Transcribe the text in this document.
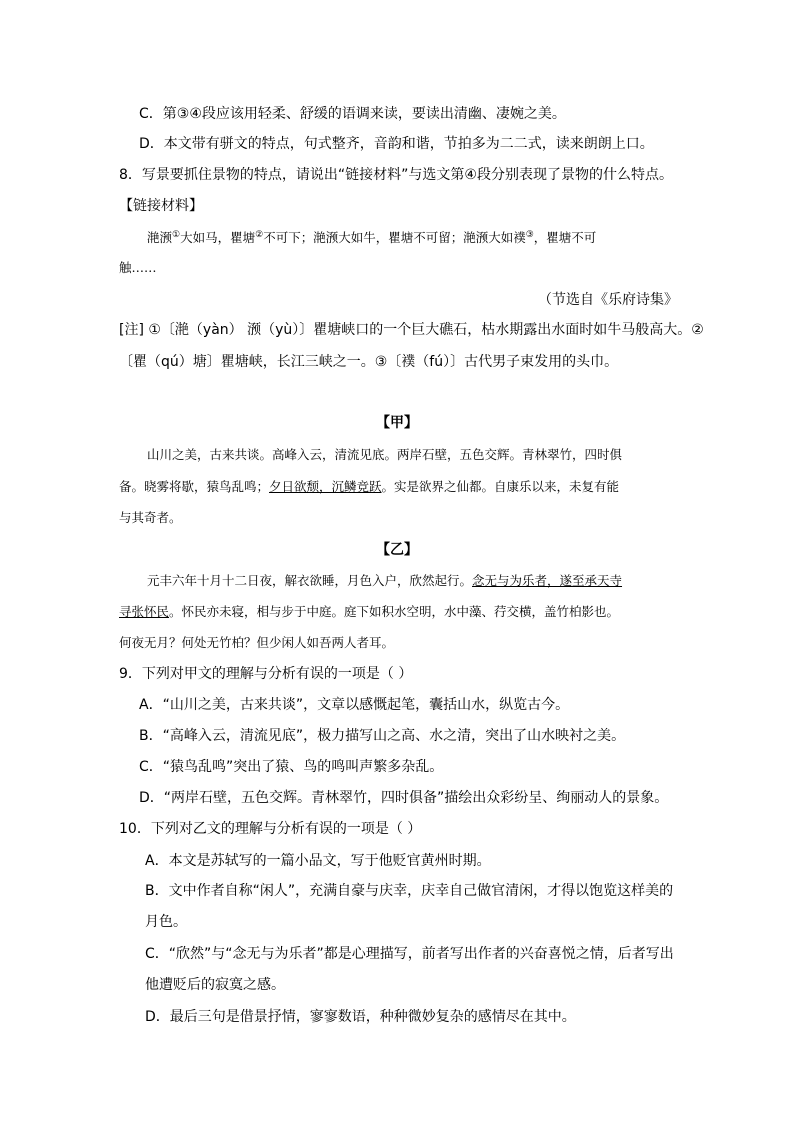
C．第③④段应该用轻柔、舒缓的语调来读，要读出清幽、凄婉之美。
D．本文带有骈文的特点，句式整齐，音韵和谐，节拍多为二二式，读来朗朗上口。
8．写景要抓住景物的特点，请说出“链接材料”与选文第④段分别表现了景物的什么特点。
【链接材料】
滟滪①大如马，瞿塘②不可下；滟滪大如牛，瞿塘不可留；滟滪大如襆③，瞿塘不可
触……
（节选自《乐府诗集》
[注] ①〔滟（yàn） 滪（yù）〕瞿塘峡口的一个巨大礁石，枯水期露出水面时如牛马般高大。②
〔瞿（qú）塘〕瞿塘峡，长江三峡之一。③〔襆（fú）〕古代男子束发用的头巾。
【甲】
山川之美，古来共谈。高峰入云，清流见底。两岸石壁，五色交辉。青林翠竹，四时俱
备。晓雾将歇，猿鸟乱鸣；夕日欲颓，沉鳞竞跃。实是欲界之仙都。自康乐以来，未复有能
与其奇者。
【乙】
元丰六年十月十二日夜，解衣欲睡，月色入户，欣然起行。念无与为乐者，遂至承天寺
寻张怀民。怀民亦未寝，相与步于中庭。庭下如积水空明，水中藻、荇交横，盖竹柏影也。
何夜无月？何处无竹柏？但少闲人如吾两人者耳。
9．下列对甲文的理解与分析有误的一项是（ ）
A．“山川之美，古来共谈”，文章以感慨起笔，囊括山水，纵览古今。
B．“高峰入云，清流见底”，极力描写山之高、水之清，突出了山水映衬之美。
C．“猿鸟乱鸣”突出了猿、鸟的鸣叫声繁多杂乱。
D．“两岸石壁，五色交辉。青林翠竹，四时俱备”描绘出众彩纷呈、绚丽动人的景象。
10．下列对乙文的理解与分析有误的一项是（ ）
A．本文是苏轼写的一篇小品文，写于他贬官黄州时期。
B．文中作者自称“闲人”，充满自豪与庆幸，庆幸自己做官清闲，才得以饱览这样美的
月色。
C．“欣然”与“念无与为乐者”都是心理描写，前者写出作者的兴奋喜悦之情，后者写出
他遭贬后的寂寞之感。
D．最后三句是借景抒情，寥寥数语，种种微妙复杂的感情尽在其中。
